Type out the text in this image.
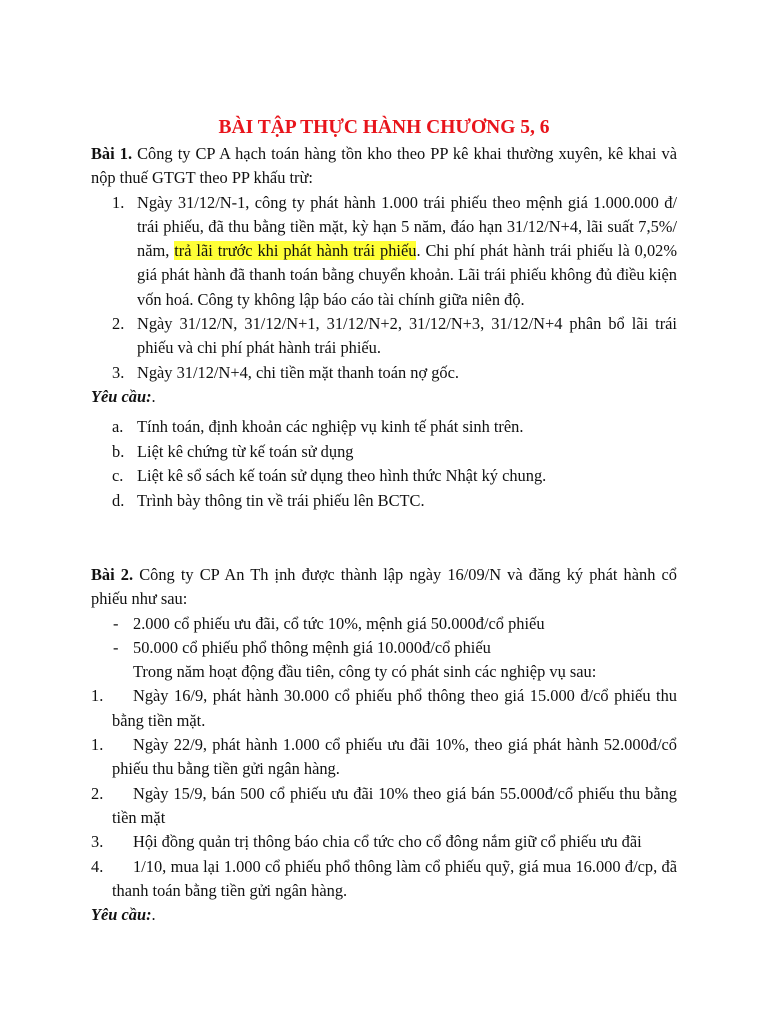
BÀI TẬP THỰC HÀNH CHƯƠNG 5, 6

Bài 1. Công ty CP A hạch toán hàng tồn kho theo PP kê khai thường xuyên, kê khai và nộp thuế GTGT theo PP khấu trừ:

1. Ngày 31/12/N-1, công ty phát hành 1.000 trái phiếu theo mệnh giá 1.000.000 đ/ trái phiếu, đã thu bằng tiền mặt, kỳ hạn 5 năm, đáo hạn 31/12/N+4, lãi suất 7,5%/ năm, trả lãi trước khi phát hành trái phiếu. Chi phí phát hành trái phiếu là 0,02% giá phát hành đã thanh toán bằng chuyển khoản. Lãi trái phiếu không đủ điều kiện vốn hoá. Công ty không lập báo cáo tài chính giữa niên độ.
2. Ngày 31/12/N, 31/12/N+1, 31/12/N+2, 31/12/N+3, 31/12/N+4 phân bổ lãi trái phiếu và chi phí phát hành trái phiếu.
3. Ngày 31/12/N+4, chi tiền mặt thanh toán nợ gốc.

Yêu cầu:.

a. Tính toán, định khoản các nghiệp vụ kinh tế phát sinh trên.
b. Liệt kê chứng từ kế toán sử dụng
c. Liệt kê sổ sách kế toán sử dụng theo hình thức Nhật ký chung.
d. Trình bày thông tin về trái phiếu lên BCTC.

Bài 2. Công ty CP An Th ịnh được thành lập ngày 16/09/N và đăng ký phát hành cổ phiếu như sau:

- 2.000 cổ phiếu ưu đãi, cổ tức 10%, mệnh giá 50.000đ/cổ phiếu
- 50.000 cổ phiếu phổ thông mệnh giá 10.000đ/cổ phiếu

Trong năm hoạt động đầu tiên, công ty có phát sinh các nghiệp vụ sau:

1.	Ngày 16/9, phát hành 30.000 cổ phiếu phổ thông theo giá 15.000 đ/cổ phiếu thu bằng tiền mặt.
1.	Ngày 22/9, phát hành 1.000 cổ phiếu ưu đãi 10%, theo giá phát hành 52.000đ/cổ phiếu thu bằng tiền gửi ngân hàng.
2.	Ngày 15/9, bán 500 cổ phiếu ưu đãi 10% theo giá bán 55.000đ/cổ phiếu thu bằng tiền mặt
3.	Hội đồng quản trị thông báo chia cổ tức cho cổ đông nắm giữ cổ phiếu ưu đãi
4.	1/10, mua lại 1.000 cổ phiếu phổ thông làm cổ phiếu quỹ, giá mua 16.000 đ/cp, đã thanh toán bằng tiền gửi ngân hàng.

Yêu cầu:.
